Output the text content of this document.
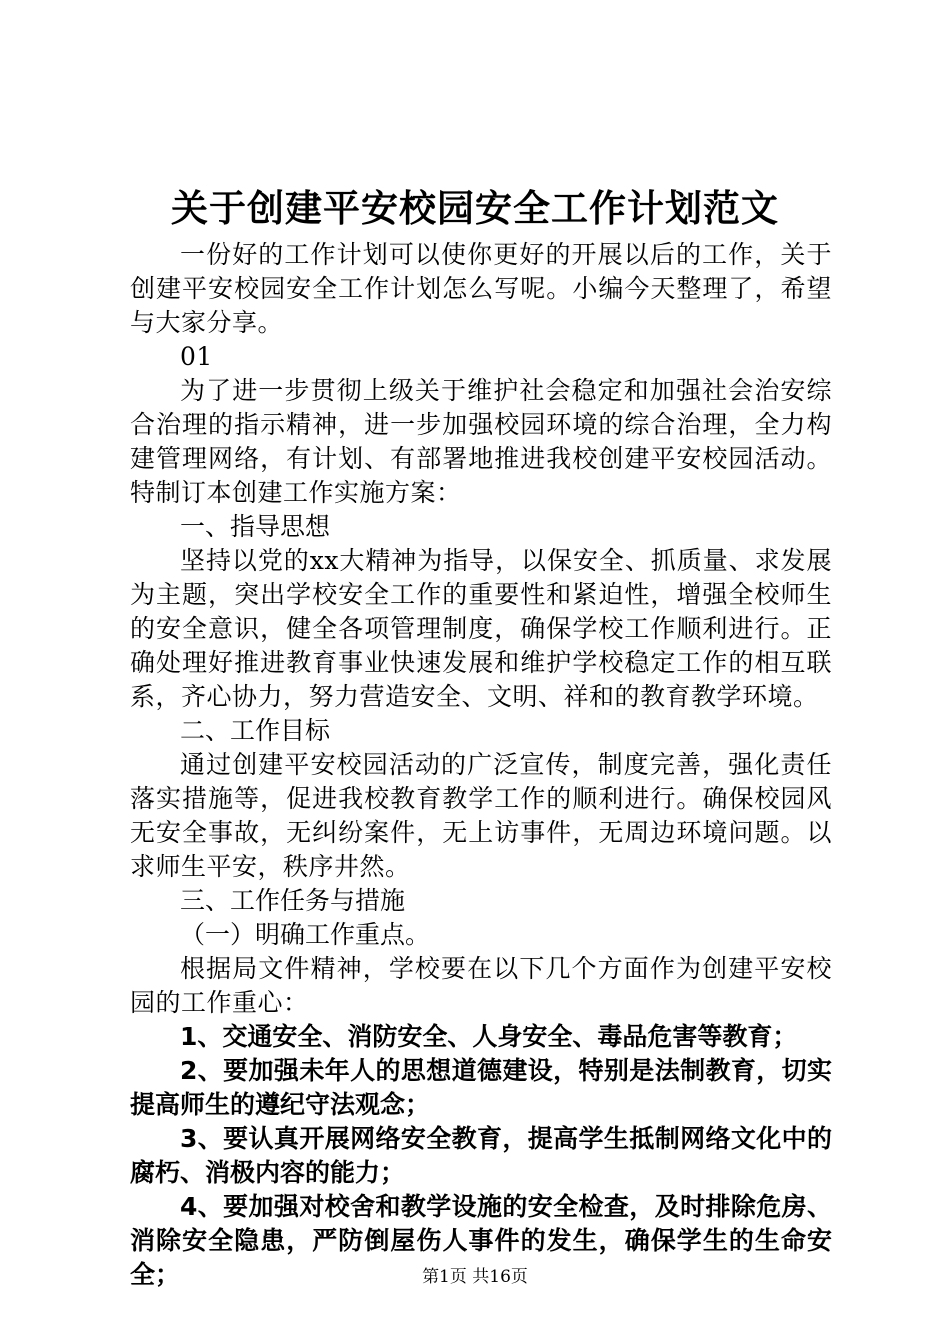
关于创建平安校园安全工作计划范文

一份好的工作计划可以使你更好的开展以后的工作，关于创建平安校园安全工作计划怎么写呢。小编今天整理了，希望与大家分享。

01

为了进一步贯彻上级关于维护社会稳定和加强社会治安综合治理的指示精神，进一步加强校园环境的综合治理，全力构建管理网络，有计划、有部署地推进我校创建平安校园活动。特制订本创建工作实施方案：

一、指导思想

坚持以党的xx大精神为指导，以保安全、抓质量、求发展为主题，突出学校安全工作的重要性和紧迫性，增强全校师生的安全意识，健全各项管理制度，确保学校工作顺利进行。正确处理好推进教育事业快速发展和维护学校稳定工作的相互联系，齐心协力，努力营造安全、文明、祥和的教育教学环境。

二、工作目标

通过创建平安校园活动的广泛宣传，制度完善，强化责任落实措施等，促进我校教育教学工作的顺利进行。确保校园风无安全事故，无纠纷案件，无上访事件，无周边环境问题。以求师生平安，秩序井然。

三、工作任务与措施

（一）明确工作重点。

根据局文件精神，学校要在以下几个方面作为创建平安校园的工作重心：

1、交通安全、消防安全、人身安全、毒品危害等教育；

2、要加强未年人的思想道德建设，特别是法制教育，切实提高师生的遵纪守法观念；

3、要认真开展网络安全教育，提高学生抵制网络文化中的腐朽、消极内容的能力；

4、要加强对校舍和教学设施的安全检查，及时排除危房、消除安全隐患，严防倒屋伤人事件的发生，确保学生的生命安全；	第1页 共16页
